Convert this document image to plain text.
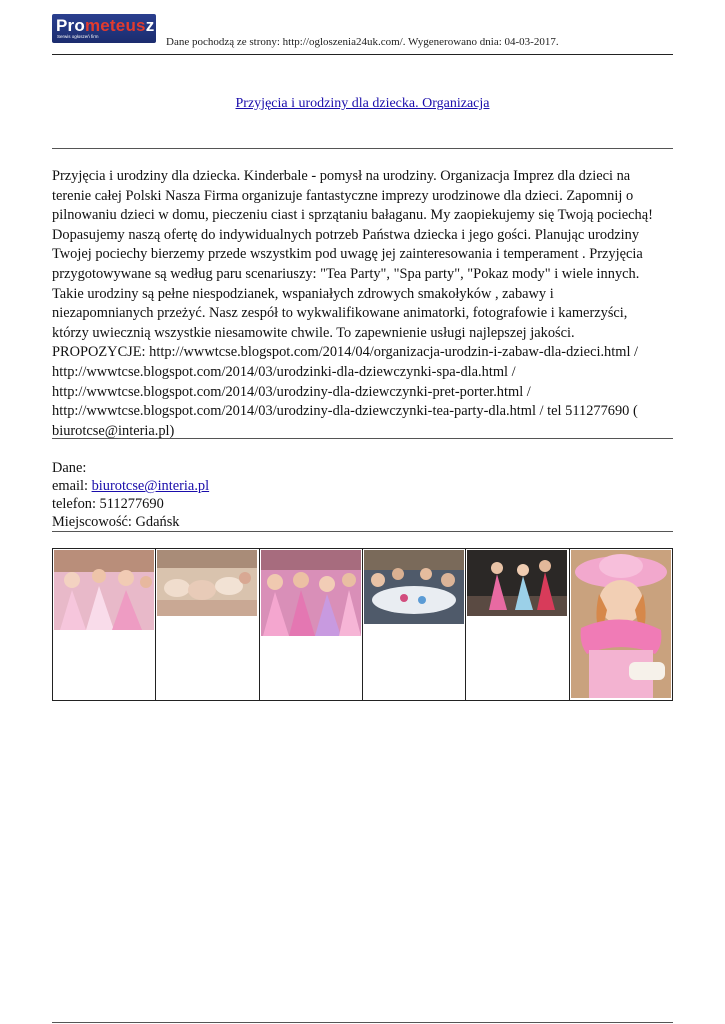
Prometeusz
Serwis ogłoszeń firm	Dane pochodzą ze strony: http://ogloszenia24uk.com/. Wygenerowano dnia: 04-03-2017.
Przyjęcia i urodziny dla dziecka. Organizacja
Przyjęcia i urodziny dla dziecka. Kinderbale - pomysł na urodziny. Organizacja Imprez dla dzieci na
terenie całej Polski Nasza Firma organizuje fantastyczne imprezy urodzinowe dla dzieci. Zapomnij o
pilnowaniu dzieci w domu, pieczeniu ciast i sprzątaniu bałaganu. My zaopiekujemy się Twoją pociechą!
Dopasujemy naszą ofertę do indywidualnych potrzeb Państwa dziecka i jego gości. Planując urodziny
Twojej pociechy bierzemy przede wszystkim pod uwagę jej zainteresowania i temperament . Przyjęcia
przygotowywane są według paru scenariuszy: "Tea Party", "Spa party", "Pokaz mody" i wiele innych.
Takie urodziny są pełne niespodzianek, wspaniałych zdrowych smakołyków , zabawy i
niezapomnianych przeżyć. Nasz zespół to wykwalifikowane animatorki, fotografowie i kamerzyści,
którzy uwiecznią wszystkie niesamowite chwile. To zapewnienie usługi najlepszej jakości.
PROPOZYCJE: http://wwwtcse.blogspot.com/2014/04/organizacja-urodzin-i-zabaw-dla-dzieci.html /
http://wwwtcse.blogspot.com/2014/03/urodzinki-dla-dziewczynki-spa-dla.html /
http://wwwtcse.blogspot.com/2014/03/urodziny-dla-dziewczynki-pret-porter.html /
http://wwwtcse.blogspot.com/2014/03/urodziny-dla-dziewczynki-tea-party-dla.html / tel 511277690 (
biurotcse@interia.pl)
Dane:
email: biurotcse@interia.pl
telefon: 511277690
Miejscowość: Gdańsk
